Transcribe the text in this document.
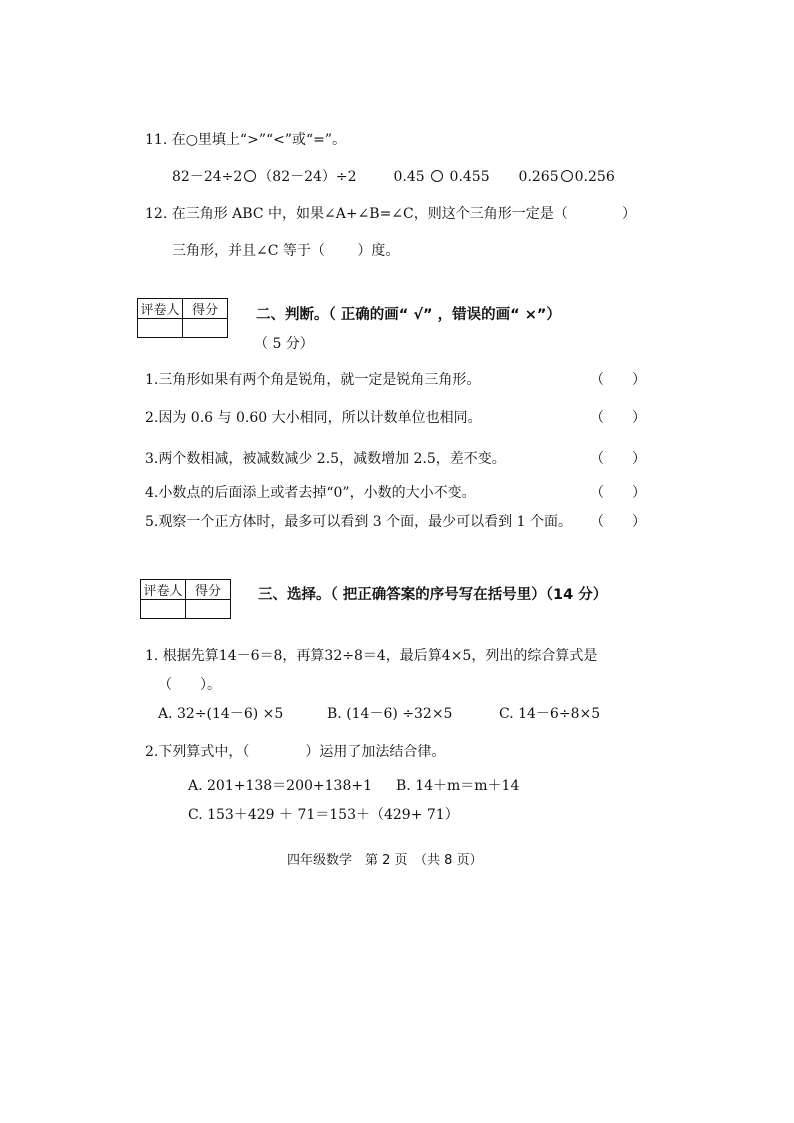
11. 在○里填上“>”“<”或“=”。
82－24÷2 （82－24）÷2	0.45 0.455 0.265 0.256
12. 在三角形 ABC 中，如果∠A+∠B=∠C，则这个三角形一定是（	）
三角形，并且∠C 等于（　　 ）度。
评卷人	得分
		二、判断。（ 正确的画“ √” ，错误的画“ ×”）
（ 5 分）
1.三角形如果有两个角是锐角，就一定是锐角三角形。	（　　）
2.因为 0.6 与 0.60 大小相同，所以计数单位也相同。	（　　）
3.两个数相减，被减数减少 2.5，减数增加 2.5，差不变。	（　　）
4.小数点的后面添上或者去掉“0”，小数的大小不变。	（　　）
5.观察一个正方体时，最多可以看到 3 个面，最少可以看到 1 个面。 （　　）
评卷人	得分
		三、选择。（ 把正确答案的序号写在括号里）（14 分）
1. 根据先算14－6＝8，再算32÷8＝4，最后算4×5，列出的综合算式是
（　　）。
A. 32÷(14－6) ×5	B. (14－6) ÷32×5	C. 14－6÷8×5
2.下列算式中，（　　　　）运用了加法结合律。
A. 201+138＝200+138+1 B. 14＋m＝m＋14
C. 153＋429 ＋ 71＝153＋（429+ 71）
四年级数学　第 2 页　（共 8 页）
